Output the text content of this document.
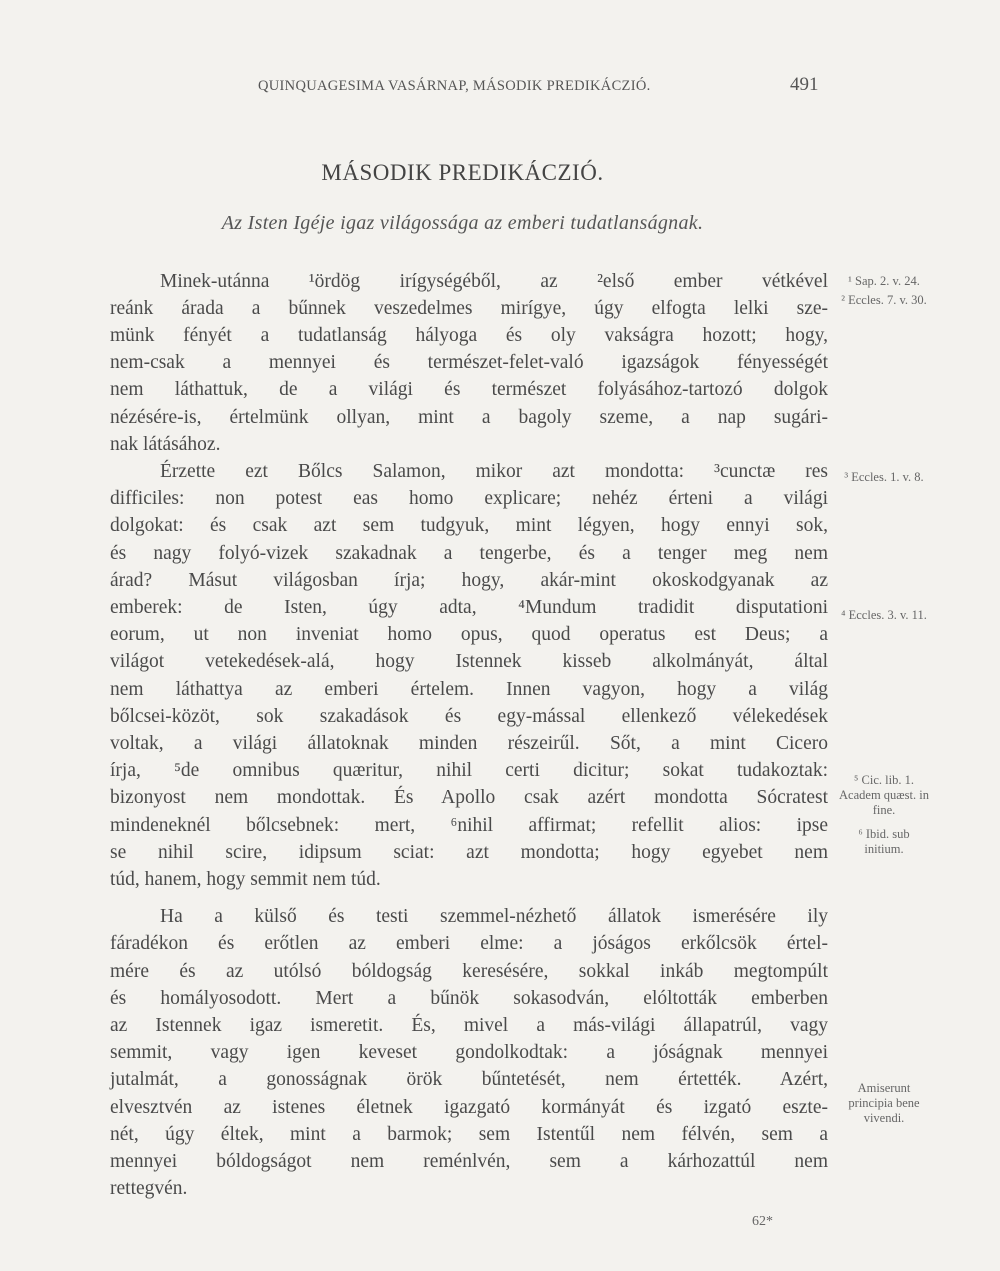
QUINQUAGESIMA VASÁRNAP, MÁSODIK PREDIKÁCZIÓ.	491
MÁSODIK PREDIKÁCZIÓ.
Az Isten Igéje igaz világossága az emberi tudatlanságnak.
Minek-utánna ¹ördög irígységéből, az ²első ember vétkével
reánk árada a bűnnek veszedelmes mirígye, úgy elfogta lelki sze-
münk fényét a tudatlanság hályoga és oly vakságra hozott; hogy,
nem-csak a mennyei és természet-felet-való igazságok fényességét
nem láthattuk, de a világi és természet folyásához-tartozó dolgok
nézésére-is, értelmünk ollyan, mint a bagoly szeme, a nap sugári-
nak látásához.
Érzette ezt Bőlcs Salamon, mikor azt mondotta: ³cunctæ res
difficiles: non potest eas homo explicare; nehéz érteni a világi
dolgokat: és csak azt sem tudgyuk, mint légyen, hogy ennyi sok,
és nagy folyó-vizek szakadnak a tengerbe, és a tenger meg nem
árad? Másut világosban írja; hogy, akár-mint okoskodgyanak az
emberek: de Isten, úgy adta, ⁴Mundum tradidit disputationi
eorum, ut non inveniat homo opus, quod operatus est Deus; a
világot vetekedések-alá, hogy Istennek kisseb alkolmányát, által
nem láthattya az emberi értelem. Innen vagyon, hogy a világ
bőlcsei-közöt, sok szakadások és egy-mással ellenkező vélekedések
voltak, a világi állatoknak minden részeirűl. Sőt, a mint Cicero
írja, ⁵de omnibus quæritur, nihil certi dicitur; sokat tudakoztak:
bizonyost nem mondottak. És Apollo csak azért mondotta Sócratest
mindeneknél bőlcsebnek: mert, ⁶nihil affirmat; refellit alios: ipse
se nihil scire, idipsum sciat: azt mondotta; hogy egyebet nem
túd, hanem, hogy semmit nem túd.
Ha a külső és testi szemmel-nézhető állatok ismerésére ily
fáradékon és erőtlen az emberi elme: a jóságos erkőlcsök értel-
mére és az utólsó bóldogság keresésére, sokkal inkáb megtompúlt
és homályosodott. Mert a bűnök sokasodván, elóltották emberben
az Istennek igaz ismeretit. És, mivel a más-világi állapatrúl, vagy
semmit, vagy igen keveset gondolkodtak: a jóságnak mennyei
jutalmát, a gonosságnak örök bűntetését, nem értették. Azért,
elvesztvén az istenes életnek igazgató kormányát és izgató eszte-
nét, úgy éltek, mint a barmok; sem Istentűl nem félvén, sem a
mennyei bóldogságot nem reménlvén, sem a kárhozattúl nem
rettegvén.
¹ Sap. 2. v. 24.
² Eccles. 7. v. 30.
³ Eccles. 1. v. 8.
⁴ Eccles. 3. v. 11.
⁵ Cic. lib. 1. Academ quæst. in fine.
⁶ Ibid. sub initium.
Amiserunt principia bene vivendi.
62*
